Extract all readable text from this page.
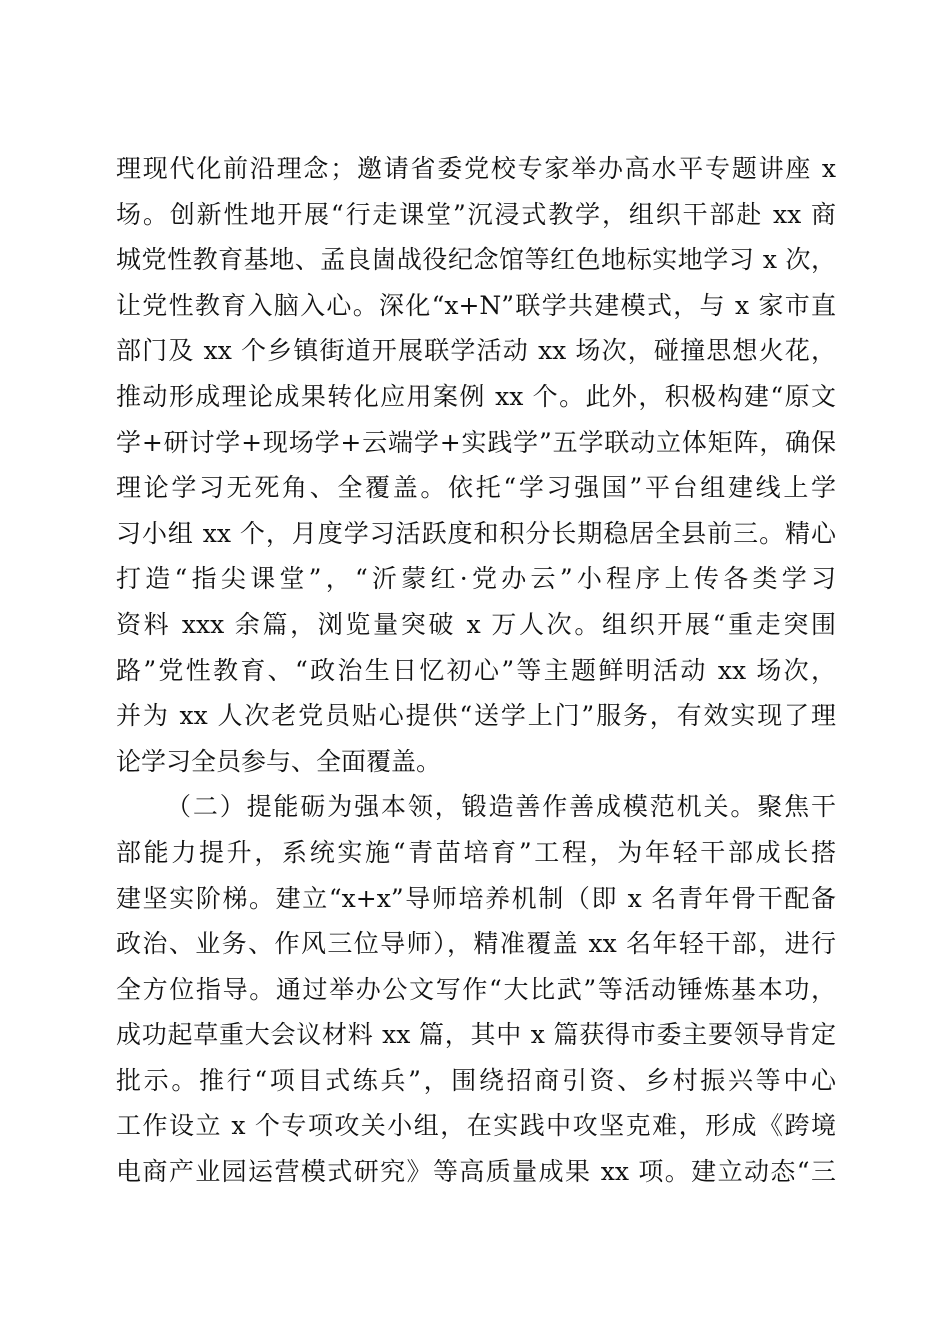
理现代化前沿理念；邀请省委党校专家举办高水平专题讲座 x
场。创新性地开展“行走课堂”沉浸式教学，组织干部赴 xx 商
城党性教育基地、孟良崮战役纪念馆等红色地标实地学习 x 次，
让党性教育入脑入心。深化“x+N”联学共建模式，与 x 家市直
部门及 xx 个乡镇街道开展联学活动 xx 场次，碰撞思想火花，
推动形成理论成果转化应用案例 xx 个。此外，积极构建“原文
学+研讨学+现场学+云端学+实践学”五学联动立体矩阵，确保
理论学习无死角、全覆盖。依托“学习强国”平台组建线上学
习小组 xx 个，月度学习活跃度和积分长期稳居全县前三。精心
打造“指尖课堂”，“沂蒙红·党办云”小程序上传各类学习
资料 xxx 余篇，浏览量突破 x 万人次。组织开展“重走突围
路”党性教育、“政治生日忆初心”等主题鲜明活动 xx 场次，
并为 xx 人次老党员贴心提供“送学上门”服务，有效实现了理
论学习全员参与、全面覆盖。
（二）提能砺为强本领，锻造善作善成模范机关。聚焦干
部能力提升，系统实施“青苗培育”工程，为年轻干部成长搭
建坚实阶梯。建立“x+x”导师培养机制（即 x 名青年骨干配备
政治、业务、作风三位导师），精准覆盖 xx 名年轻干部，进行
全方位指导。通过举办公文写作“大比武”等活动锤炼基本功，
成功起草重大会议材料 xx 篇，其中 x 篇获得市委主要领导肯定
批示。推行“项目式练兵”，围绕招商引资、乡村振兴等中心
工作设立 x 个专项攻关小组，在实践中攻坚克难，形成《跨境
电商产业园运营模式研究》等高质量成果 xx 项。建立动态“三
